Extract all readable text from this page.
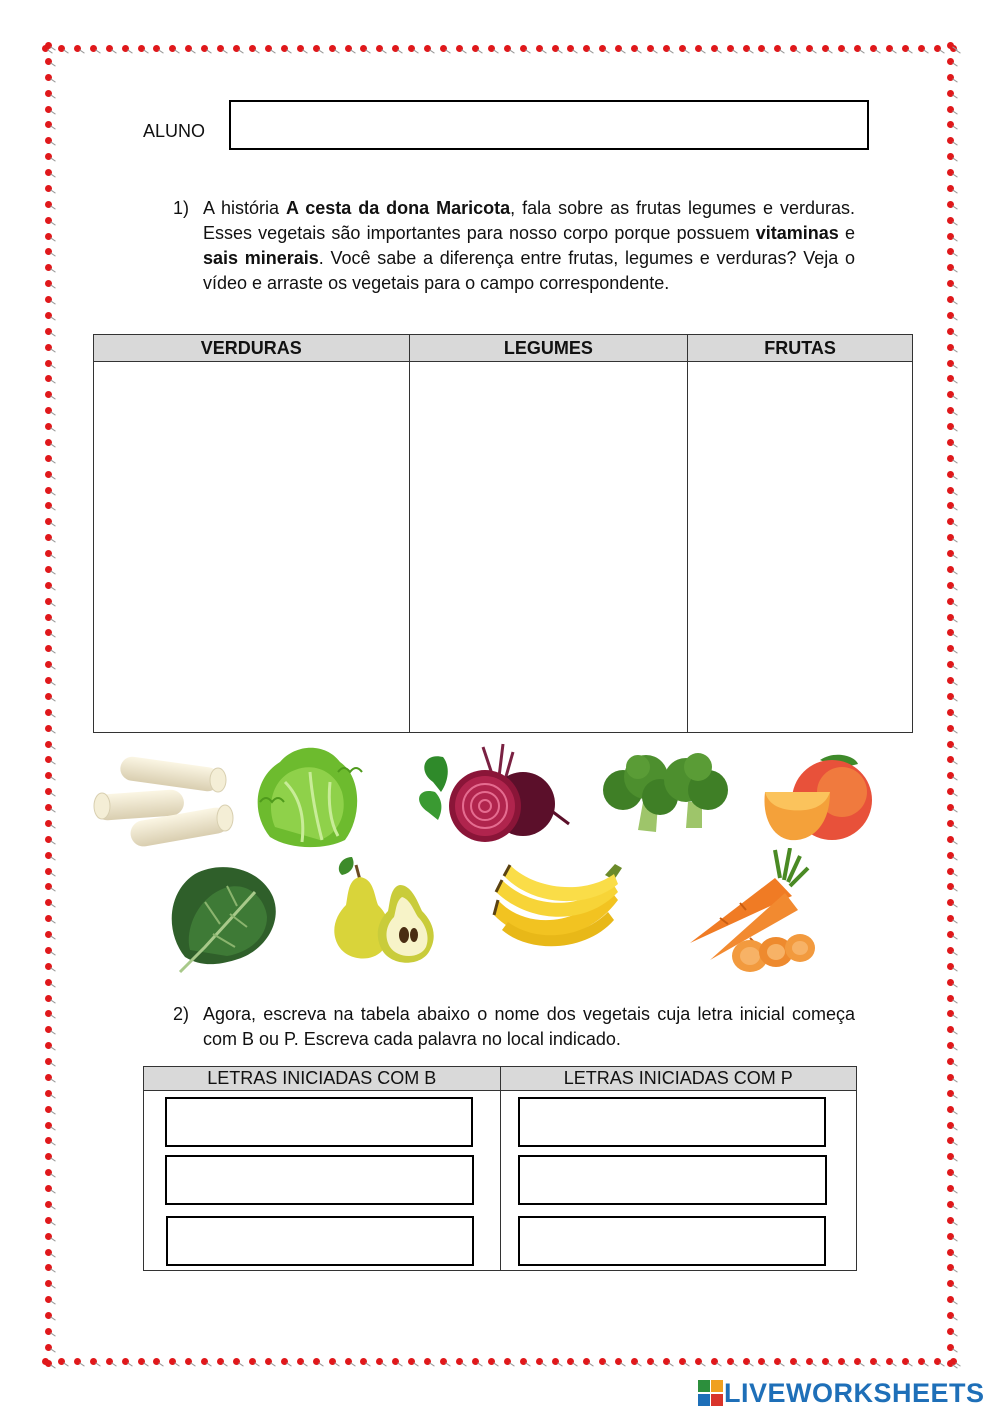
ALUNO
1) A história A cesta da dona Maricota, fala sobre as frutas legumes e verduras. Esses vegetais são importantes para nosso corpo porque possuem vitaminas e sais minerais. Você sabe a diferença entre frutas, legumes e verduras? Veja o vídeo e arraste os vegetais para o campo correspondente.
VERDURAS	LEGUMES	FRUTAS

2) Agora, escreva na tabela abaixo o nome dos vegetais cuja letra inicial começa com B ou P. Escreva cada palavra no local indicado.
LETRAS INICIADAS COM B	LETRAS INICIADAS COM P

LIVEWORKSHEETS
